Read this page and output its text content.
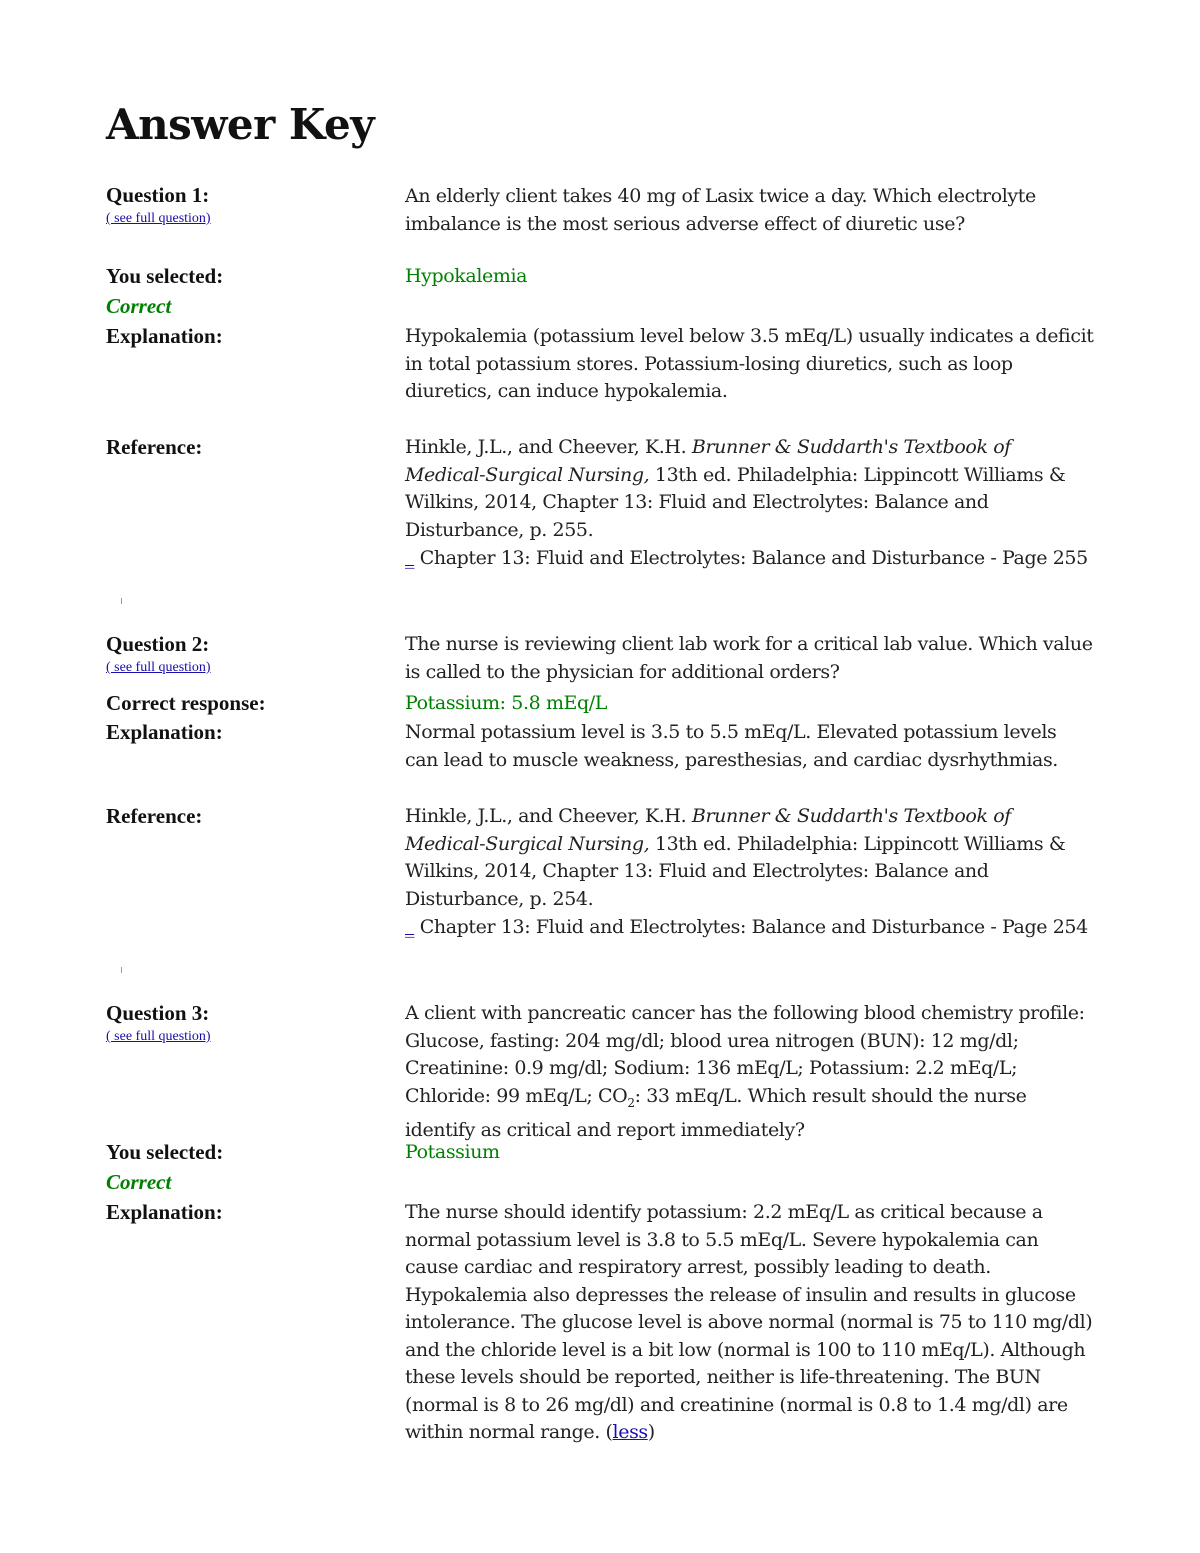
Answer Key
Question 1:
( see full question)
An elderly client takes 40 mg of Lasix twice a day. Which electrolyte imbalance is the most serious adverse effect of diuretic use?
You selected:	Hypokalemia
Correct
Explanation:	Hypokalemia (potassium level below 3.5 mEq/L) usually indicates a deficit in total potassium stores. Potassium-losing diuretics, such as loop diuretics, can induce hypokalemia.
Reference:	Hinkle, J.L., and Cheever, K.H. Brunner & Suddarth's Textbook of Medical-Surgical Nursing, 13th ed. Philadelphia: Lippincott Williams & Wilkins, 2014, Chapter 13: Fluid and Electrolytes: Balance and Disturbance, p. 255.
_ Chapter 13: Fluid and Electrolytes: Balance and Disturbance - Page 255
Question 2:
( see full question)
The nurse is reviewing client lab work for a critical lab value. Which value is called to the physician for additional orders?
Correct response:	Potassium: 5.8 mEq/L
Explanation:	Normal potassium level is 3.5 to 5.5 mEq/L. Elevated potassium levels can lead to muscle weakness, paresthesias, and cardiac dysrhythmias.
Reference:	Hinkle, J.L., and Cheever, K.H. Brunner & Suddarth's Textbook of Medical-Surgical Nursing, 13th ed. Philadelphia: Lippincott Williams & Wilkins, 2014, Chapter 13: Fluid and Electrolytes: Balance and Disturbance, p. 254.
_ Chapter 13: Fluid and Electrolytes: Balance and Disturbance - Page 254
Question 3:
( see full question)
A client with pancreatic cancer has the following blood chemistry profile: Glucose, fasting: 204 mg/dl; blood urea nitrogen (BUN): 12 mg/dl; Creatinine: 0.9 mg/dl; Sodium: 136 mEq/L; Potassium: 2.2 mEq/L; Chloride: 99 mEq/L; $CO_2$: 33 mEq/L. Which result should the nurse identify as critical and report immediately?
You selected:	Potassium
Correct
Explanation:	The nurse should identify potassium: 2.2 mEq/L as critical because a normal potassium level is 3.8 to 5.5 mEq/L. Severe hypokalemia can cause cardiac and respiratory arrest, possibly leading to death. Hypokalemia also depresses the release of insulin and results in glucose intolerance. The glucose level is above normal (normal is 75 to 110 mg/dl) and the chloride level is a bit low (normal is 100 to 110 mEq/L). Although these levels should be reported, neither is life-threatening. The BUN (normal is 8 to 26 mg/dl) and creatinine (normal is 0.8 to 1.4 mg/dl) are within normal range. (less)
